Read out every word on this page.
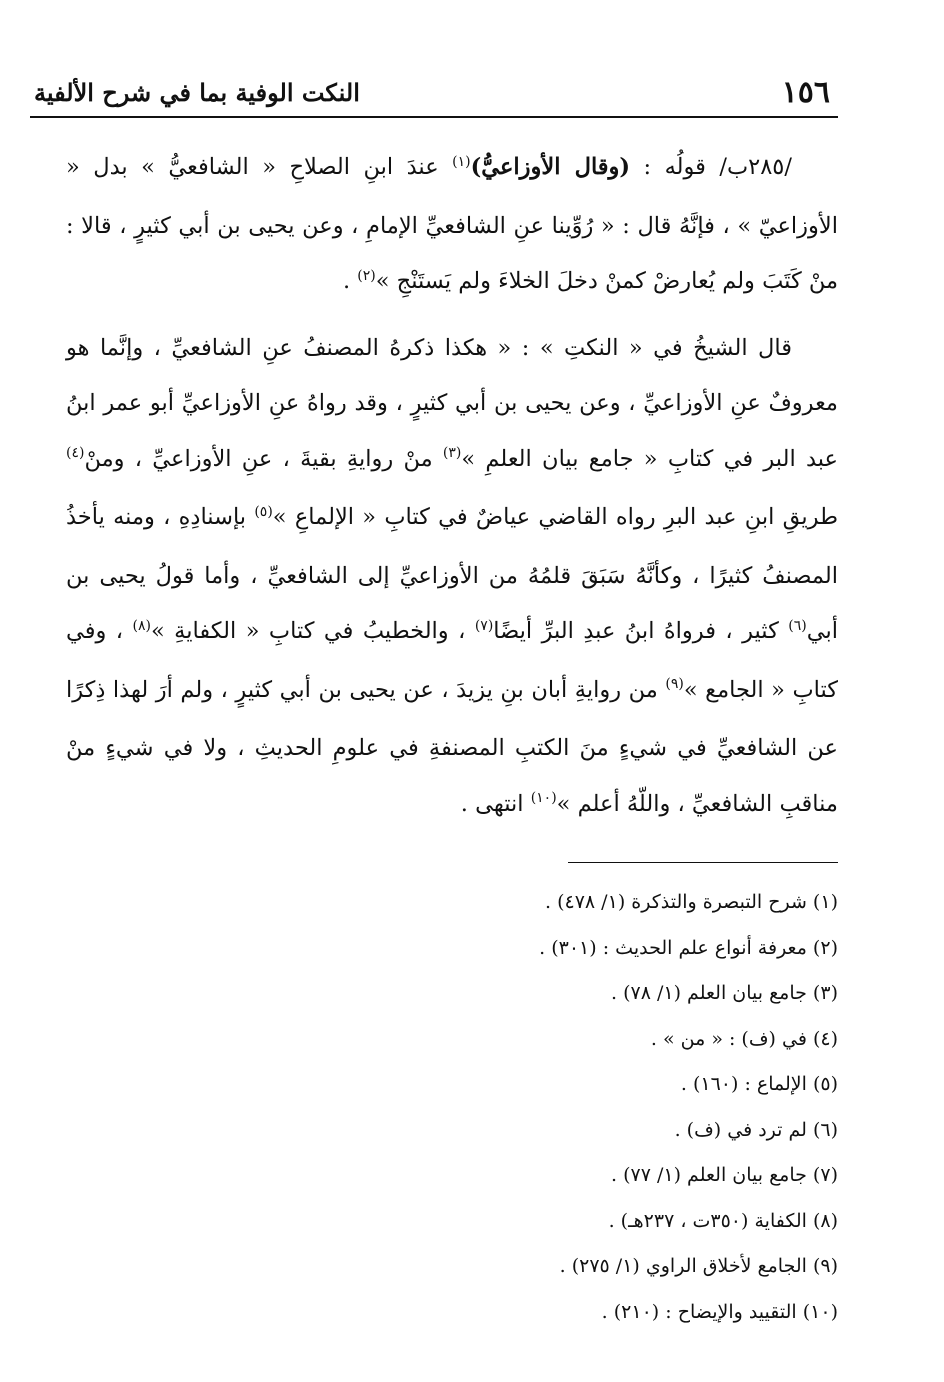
١٥٦
النكت الوفية بما في شرح الألفية

/٢٨٥ب/ قولُه : (وقال الأوزاعيُّ)$^{(١)}$ عندَ ابنِ الصلاحِ « الشافعيُّ » بدل « الأوزاعيّ » ، فإنَّهُ قال : « رُوِّينا عنِ الشافعيِّ الإمامِ ، وعن يحيى بن أبي كثيرٍ ، قالا : منْ كَتَبَ ولم يُعارضْ كمنْ دخلَ الخلاءَ ولم يَستَنْجِ »$^{(٢)}$ .

قال الشيخُ في « النكتِ » : « هكذا ذكرهُ المصنفُ عنِ الشافعيِّ ، وإنَّما هو معروفٌ عنِ الأوزاعيِّ ، وعن يحيى بن أبي كثيرٍ ، وقد رواهُ عنِ الأوزاعيِّ أبو عمر ابنُ عبد البر في كتابِ « جامع بيان العلمِ »$^{(٣)}$ منْ روايةِ بقيةَ ، عنِ الأوزاعيِّ ، ومنْ$^{(٤)}$ طريقِ ابنِ عبد البرِ رواه القاضي عياضٌ في كتابِ « الإلماعِ »$^{(٥)}$ بإسنادِهِ ، ومنه يأخذُ المصنفُ كثيرًا ، وكأنَّهُ سَبَقَ قلمُهُ من الأوزاعيِّ إلى الشافعيِّ ، وأما قولُ يحيى بن أبي$^{(٦)}$ كثير ، فرواهُ ابنُ عبدِ البرِّ أيضًا$^{(٧)}$ ، والخطيبُ في كتابِ « الكفايةِ »$^{(٨)}$ ، وفي كتابِ « الجامع »$^{(٩)}$ من روايةِ أبان بنِ يزيدَ ، عن يحيى بن أبي كثيرٍ ، ولم أرَ لهذا ذِكرًا عن الشافعيِّ في شيءٍ منَ الكتبِ المصنفةِ في علومِ الحديثِ ، ولا في شيءٍ منْ مناقبِ الشافعيِّ ، واللّهُ أعلم »$^{(١٠)}$ انتهى .

(١) شرح التبصرة والتذكرة (١/ ٤٧٨) .
(٢) معرفة أنواع علم الحديث : (٣٠١) .
(٣) جامع بيان العلم (١/ ٧٨) .
(٤) في (ف) : « من » .
(٥) الإلماع : (١٦٠) .
(٦) لم ترد في (ف) .
(٧) جامع بيان العلم (١/ ٧٧) .
(٨) الكفاية (٣٥٠ت ، ٢٣٧هـ) .
(٩) الجامع لأخلاق الراوي (١/ ٢٧٥) .
(١٠) التقييد والإيضاح : (٢١٠) .
